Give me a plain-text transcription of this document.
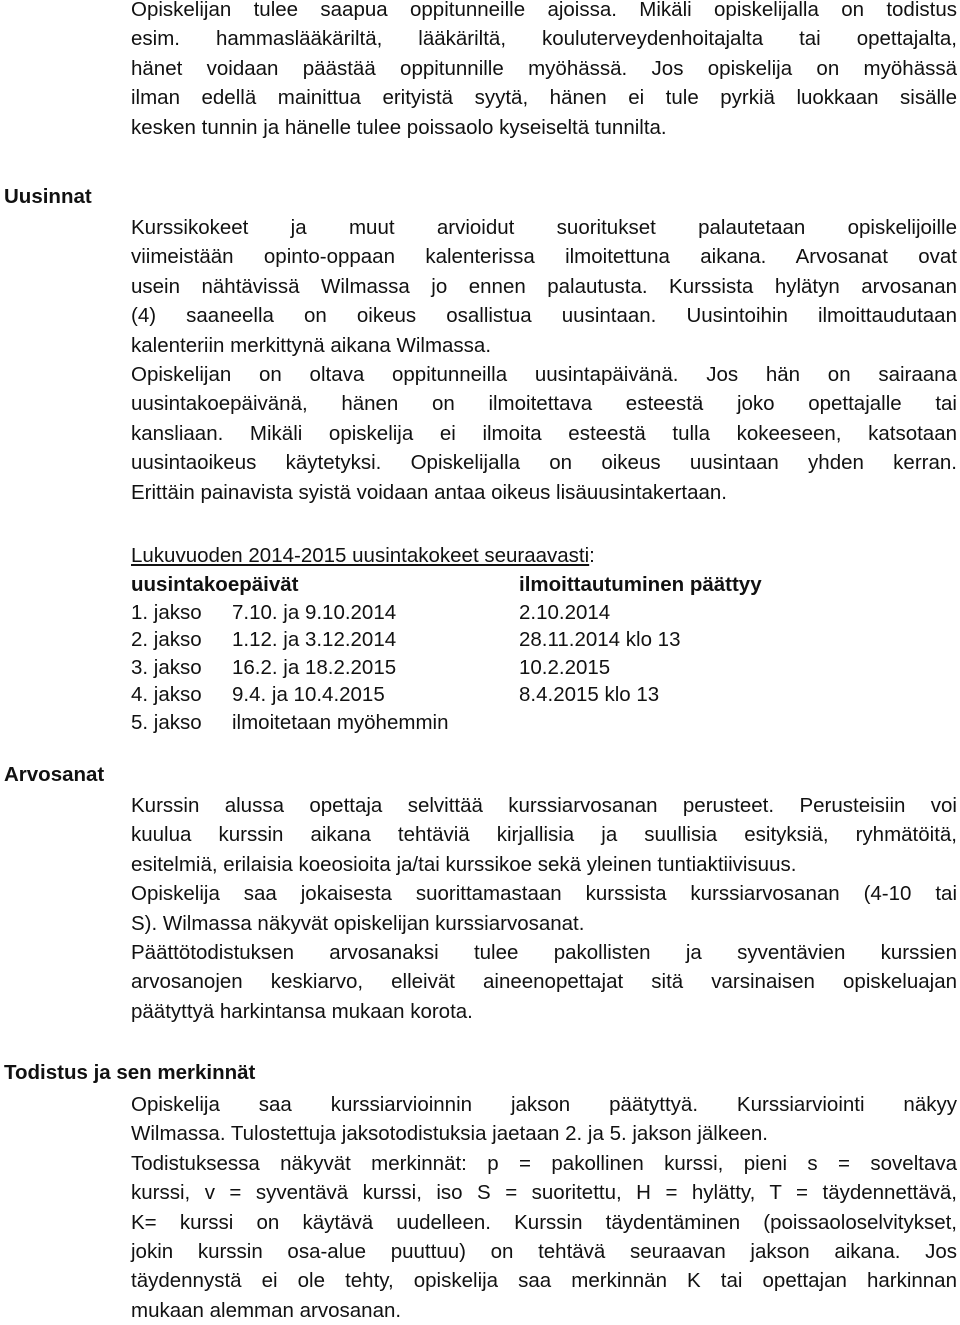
Opiskelijan tulee saapua oppitunneille ajoissa. Mikäli opiskelijalla on todistus
esim. hammaslääkäriltä, lääkäriltä, kouluterveydenhoitajalta tai opettajalta,
hänet voidaan päästää oppitunnille myöhässä. Jos opiskelija on myöhässä
ilman edellä mainittua erityistä syytä, hänen ei tule pyrkiä luokkaan sisälle
kesken tunnin ja hänelle tulee poissaolo kyseiseltä tunnilta.
Uusinnat
Kurssikokeet ja muut arvioidut suoritukset palautetaan opiskelijoille
viimeistään opinto-oppaan kalenterissa ilmoitettuna aikana. Arvosanat ovat
usein nähtävissä Wilmassa jo ennen palautusta. Kurssista hylätyn arvosanan
(4) saaneella on oikeus osallistua uusintaan. Uusintoihin ilmoittaudutaan
kalenteriin merkittynä aikana Wilmassa.
Opiskelijan on oltava oppitunneilla uusintapäivänä. Jos hän on sairaana
uusintakoepäivänä, hänen on ilmoitettava esteestä joko opettajalle tai
kansliaan. Mikäli opiskelija ei ilmoita esteestä tulla kokeeseen, katsotaan
uusintaoikeus käytetyksi. Opiskelijalla on oikeus uusintaan yhden kerran.
Erittäin painavista syistä voidaan antaa oikeus lisäuusintakertaan.
Lukuvuoden 2014-2015 uusintakokeet seuraavasti:
uusintakoepäivät	ilmoittautuminen päättyy
1. jakso 7.10. ja 9.10.2014	2.10.2014
2. jakso 1.12. ja 3.12.2014	28.11.2014 klo 13
3. jakso 16.2. ja 18.2.2015	10.2.2015
4. jakso 9.4. ja 10.4.2015	8.4.2015 klo 13
5. jakso ilmoitetaan myöhemmin
Arvosanat
Kurssin alussa opettaja selvittää kurssiarvosanan perusteet. Perusteisiin voi
kuulua kurssin aikana tehtäviä kirjallisia ja suullisia esityksiä, ryhmätöitä,
esitelmiä, erilaisia koeosioita ja/tai kurssikoe sekä yleinen tuntiaktiivisuus.
Opiskelija saa jokaisesta suorittamastaan kurssista kurssiarvosanan (4-10 tai
S). Wilmassa näkyvät opiskelijan kurssiarvosanat.
Päättötodistuksen arvosanaksi tulee pakollisten ja syventävien kurssien
arvosanojen keskiarvo, elleivät aineenopettajat sitä varsinaisen opiskeluajan
päätyttyä harkintansa mukaan korota.
Todistus ja sen merkinnät
Opiskelija saa kurssiarvioinnin jakson päätyttyä. Kurssiarviointi näkyy
Wilmassa. Tulostettuja jaksotodistuksia jaetaan 2. ja 5. jakson jälkeen.
Todistuksessa näkyvät merkinnät: p = pakollinen kurssi, pieni s = soveltava
kurssi, v = syventävä kurssi, iso S = suoritettu, H = hylätty, T = täydennettävä,
K= kurssi on käytävä uudelleen. Kurssin täydentäminen (poissaoloselvitykset,
jokin kurssin osa-alue puuttuu) on tehtävä seuraavan jakson aikana. Jos
täydennystä ei ole tehty, opiskelija saa merkinnän K tai opettajan harkinnan
mukaan alemman arvosanan.
